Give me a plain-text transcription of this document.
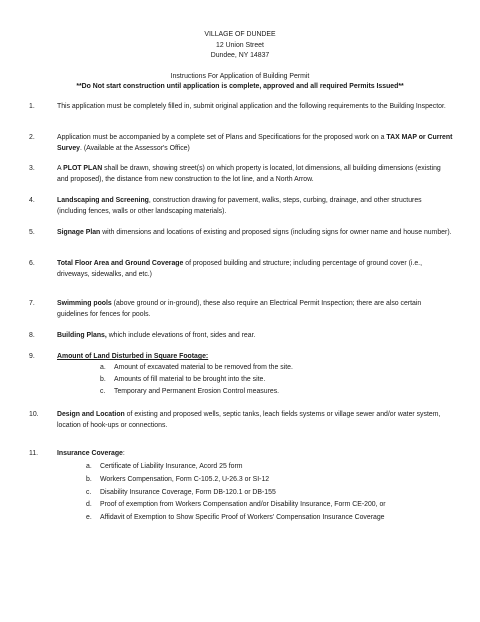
VILLAGE OF DUNDEE
12 Union Street
Dundee, NY 14837
Instructions For Application of Building Permit
**Do Not start construction until application is complete, approved and all required Permits Issued**
1.	This application must be completely filled in, submit original application and the following requirements to the Building Inspector.
2.	Application must be accompanied by a complete set of Plans and Specifications for the proposed work on a TAX MAP or Current Survey. (Available at the Assessor's Office)
3.	A PLOT PLAN shall be drawn, showing street(s) on which property is located, lot dimensions, all building dimensions (existing and proposed), the distance from new construction to the lot line, and a North Arrow.
4.	Landscaping and Screening, construction drawing for pavement, walks, steps, curbing, drainage, and other structures (including fences, walls or other landscaping materials).
5.	Signage Plan with dimensions and locations of existing and proposed signs (including signs for owner name and house number).
6.	Total Floor Area and Ground Coverage of proposed building and structure; including percentage of ground cover (i.e., driveways, sidewalks, and etc.)
7.	Swimming pools (above ground or in-ground), these also require an Electrical Permit Inspection; there are also certain guidelines for fences for pools.
8.	Building Plans, which include elevations of front, sides and rear.
9.	Amount of Land Disturbed in Square Footage:
a. Amount of excavated material to be removed from the site.
b. Amounts of fill material to be brought into the site.
c. Temporary and Permanent Erosion Control measures.
10.	Design and Location of existing and proposed wells, septic tanks, leach fields systems or village sewer and/or water system, location of hook-ups or connections.
11.	Insurance Coverage:
a. Certificate of Liability Insurance, Acord 25 form
b. Workers Compensation, Form C-105.2, U-26.3 or SI-12
c. Disability Insurance Coverage, Form DB-120.1 or DB-155
d. Proof of exemption from Workers Compensation and/or Disability Insurance, Form CE-200, or
e. Affidavit of Exemption to Show Specific Proof of Workers' Compensation Insurance Coverage
